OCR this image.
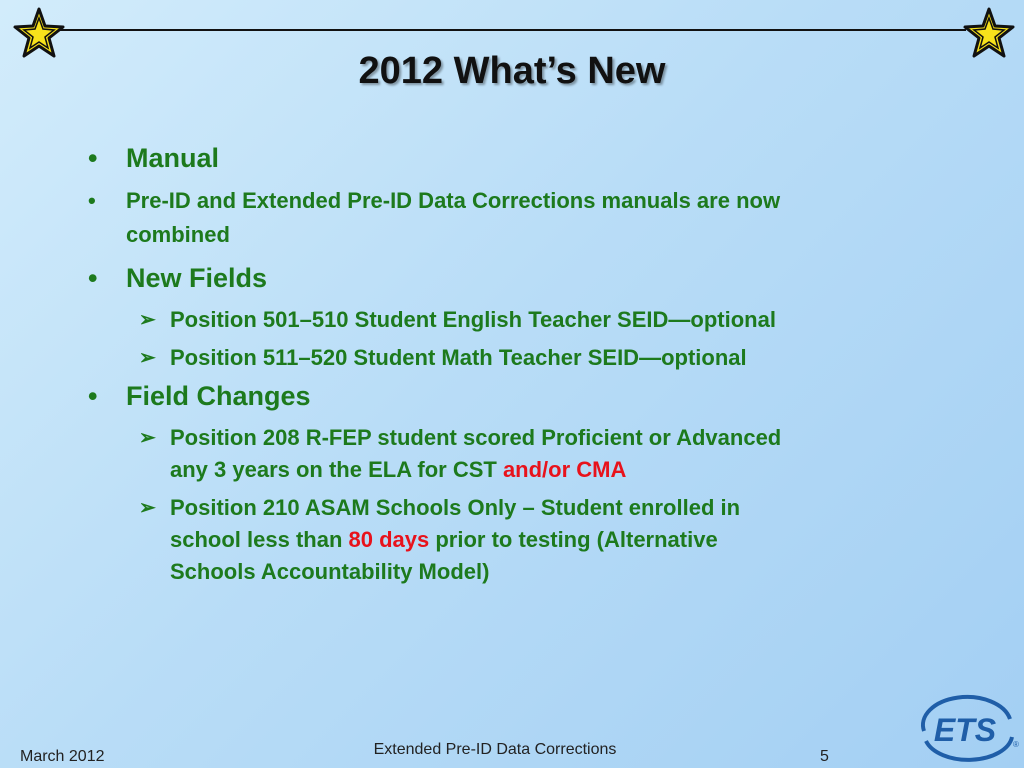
2012 What’s New
• Manual
• Pre-ID and Extended Pre-ID Data Corrections manuals are now
combined
• New Fields
➢ Position 501–510 Student English Teacher SEID—optional
➢ Position 511–520 Student Math Teacher SEID—optional
• Field Changes
➢ Position 208 R-FEP student scored Proficient or Advanced
any 3 years on the ELA for CST and/or CMA
➢ Position 210 ASAM Schools Only – Student enrolled in
school less than 80 days prior to testing (Alternative
Schools Accountability Model)
March 2012	Extended Pre-ID Data Corrections	5
ETS ®
